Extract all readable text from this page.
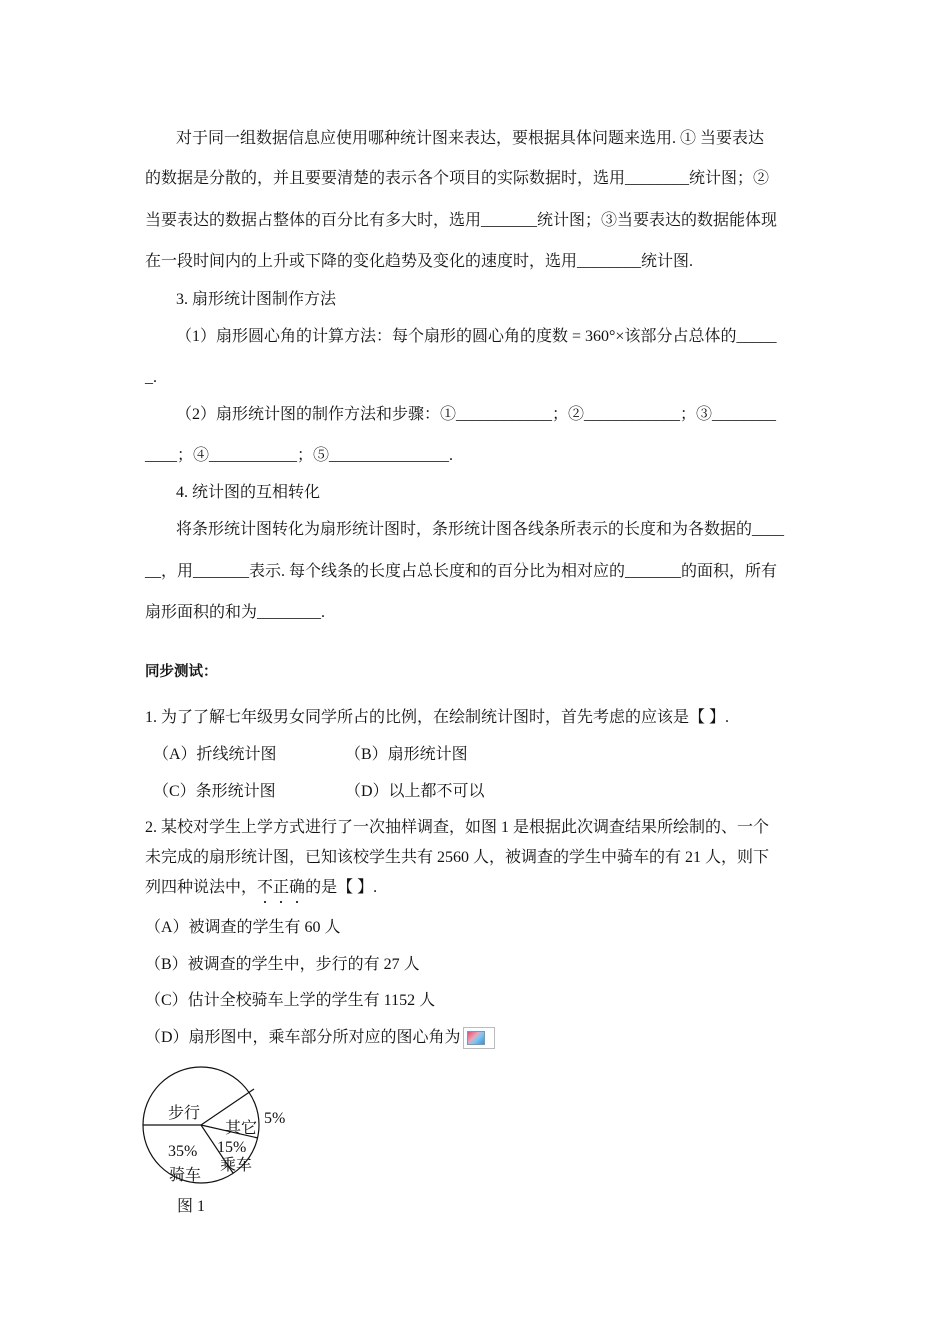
对于同一组数据信息应使用哪种统计图来表达，要根据具体问题来选用. ① 当要表达
的数据是分散的，并且要要清楚的表示各个项目的实际数据时，选用________统计图；②
当要表达的数据占整体的百分比有多大时，选用_______统计图；③当要表达的数据能体现
在一段时间内的上升或下降的变化趋势及变化的速度时，选用________统计图.
3. 扇形统计图制作方法
（1）扇形圆心角的计算方法：每个扇形的圆心角的度数 = 360°×该部分占总体的_____
_.
（2）扇形统计图的制作方法和步骤：①____________；②____________；③________
____；④___________；⑤_______________.
4. 统计图的互相转化
将条形统计图转化为扇形统计图时，条形统计图各线条所表示的长度和为各数据的____
__，用_______表示. 每个线条的长度占总长度和的百分比为相对应的_______的面积，所有
扇形面积的和为________.
同步测试：
1. 为了了解七年级男女同学所占的比例，在绘制统计图时，首先考虑的应该是【 】.
（A）折线统计图	（B）扇形统计图
（C）条形统计图	（D）以上都不可以
2. 某校对学生上学方式进行了一次抽样调查，如图 1 是根据此次调查结果所绘制的、一个
未完成的扇形统计图，已知该校学生共有 2560 人，被调查的学生中骑车的有 21 人，则下
列四种说法中，不正确的是【 】.
（A）被调查的学生有 60 人
（B）被调查的学生中，步行的有 27 人
（C）估计全校骑车上学的学生有 1152 人
（D）扇形图中，乘车部分所对应的图心角为
步行
其它
5%
15%
乘车
35%
骑车
图 1
